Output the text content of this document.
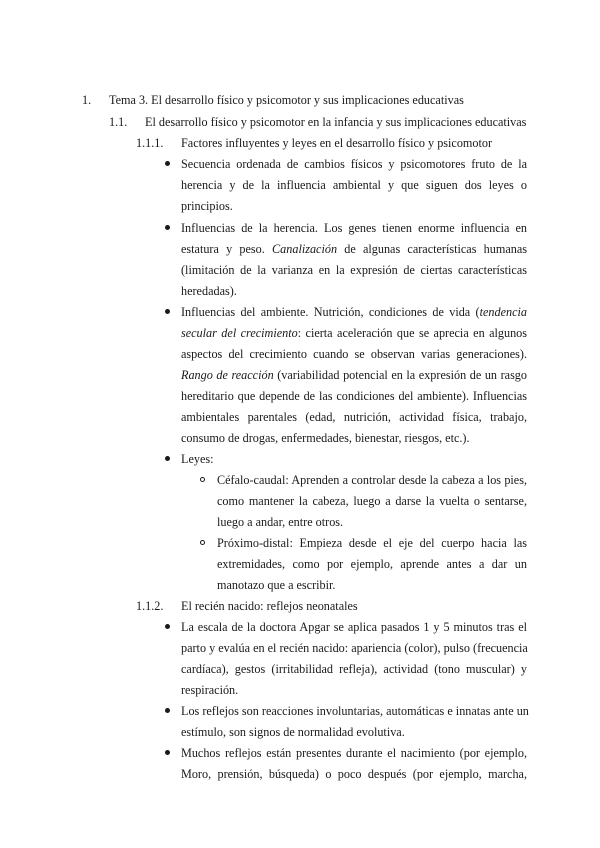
1. Tema 3. El desarrollo físico y psicomotor y sus implicaciones educativas
1.1. El desarrollo físico y psicomotor en la infancia y sus implicaciones educativas
1.1.1. Factores influyentes y leyes en el desarrollo físico y psicomotor
Secuencia ordenada de cambios físicos y psicomotores fruto de la
herencia y de la influencia ambiental y que siguen dos leyes o
principios.
Influencias de la herencia. Los genes tienen enorme influencia en
estatura y peso. Canalización de algunas características humanas
(limitación de la varianza en la expresión de ciertas características
heredadas).
Influencias del ambiente. Nutrición, condiciones de vida (tendencia
secular del crecimiento: cierta aceleración que se aprecia en algunos
aspectos del crecimiento cuando se observan varias generaciones).
Rango de reacción (variabilidad potencial en la expresión de un rasgo
hereditario que depende de las condiciones del ambiente). Influencias
ambientales parentales (edad, nutrición, actividad física, trabajo,
consumo de drogas, enfermedades, bienestar, riesgos, etc.).
Leyes:
Céfalo-caudal: Aprenden a controlar desde la cabeza a los pies,
como mantener la cabeza, luego a darse la vuelta o sentarse,
luego a andar, entre otros.
Próximo-distal: Empieza desde el eje del cuerpo hacia las
extremidades, como por ejemplo, aprende antes a dar un
manotazo que a escribir.
1.1.2. El recién nacido: reflejos neonatales
La escala de la doctora Apgar se aplica pasados 1 y 5 minutos tras el
parto y evalúa en el recién nacido: apariencia (color), pulso (frecuencia
cardíaca), gestos (irritabilidad refleja), actividad (tono muscular) y
respiración.
Los reflejos son reacciones involuntarias, automáticas e innatas ante un
estímulo, son signos de normalidad evolutiva.
Muchos reflejos están presentes durante el nacimiento (por ejemplo,
Moro, prensión, búsqueda) o poco después (por ejemplo, marcha,
